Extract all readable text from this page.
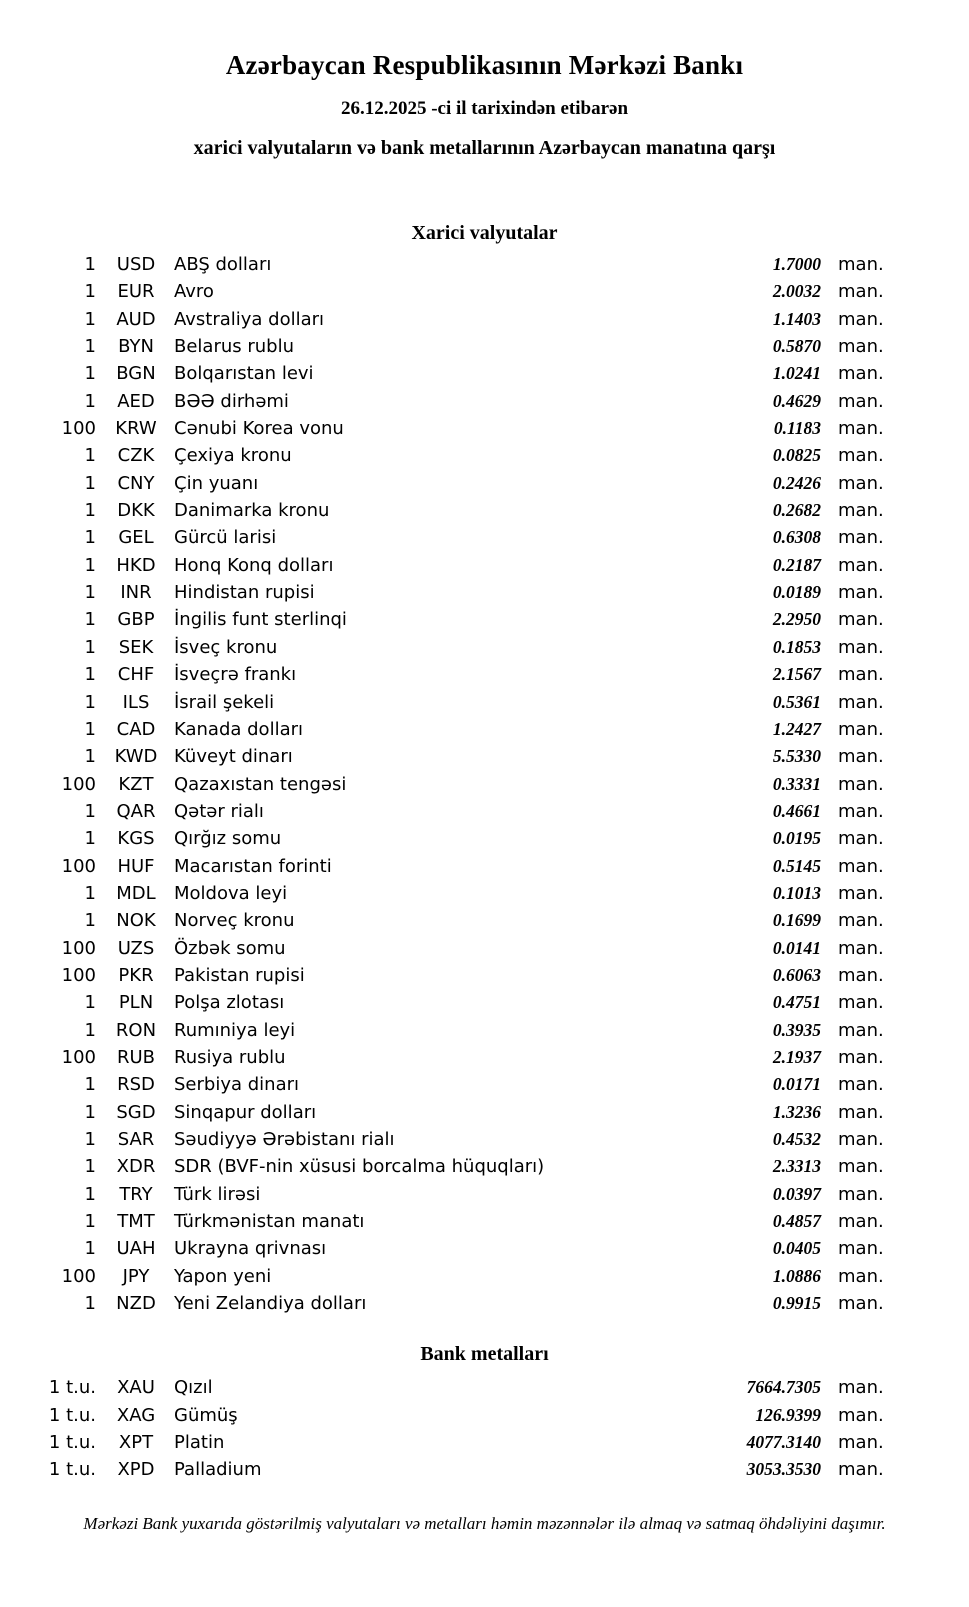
Azərbaycan Respublikasının Mərkəzi Bankı
26.12.2025 -ci il tarixindən etibarən
xarici valyutaların və bank metallarının Azərbaycan manatına qarşı
Xarici valyutalar
1	USD	ABŞ dolları	1.7000 man.
1	EUR	Avro	2.0032 man.
1	AUD	Avstraliya dolları	1.1403 man.
1	BYN	Belarus rublu	0.5870 man.
1	BGN	Bolqarıstan levi	1.0241 man.
1	AED	BƏƏ dirhəmi	0.4629 man.
100	KRW Cənubi Korea vonu	0.1183 man.
1	CZK	Çexiya kronu	0.0825 man.
1	CNY	Çin yuanı	0.2426 man.
1	DKK	Danimarka kronu	0.2682 man.
1	GEL	Gürcü larisi	0.6308 man.
1	HKD	Honq Konq dolları	0.2187 man.
1	INR	Hindistan rupisi	0.0189 man.
1	GBP	İngilis funt sterlinqi	2.2950 man.
1	SEK	İsveç kronu	0.1853 man.
1	CHF	İsveçrə frankı	2.1567 man.
1	ILS	İsrail şekeli	0.5361 man.
1	CAD	Kanada dolları	1.2427 man.
1	KWD Küveyt dinarı	5.5330 man.
100	KZT	Qazaxıstan tengəsi	0.3331 man.
1	QAR	Qətər rialı	0.4661 man.
1	KGS	Qırğız somu	0.0195 man.
100	HUF	Macarıstan forinti	0.5145 man.
1	MDL	Moldova leyi	0.1013 man.
1	NOK	Norveç kronu	0.1699 man.
100	UZS	Özbək somu	0.0141 man.
100	PKR	Pakistan rupisi	0.6063 man.
1	PLN	Polşa zlotası	0.4751 man.
1	RON Rumıniya leyi	0.3935 man.
100	RUB	Rusiya rublu	2.1937 man.
1	RSD	Serbiya dinarı	0.0171 man.
1	SGD	Sinqapur dolları	1.3236 man.
1	SAR	Səudiyyə Ərəbistanı rialı	0.4532 man.
1	XDR	SDR (BVF-nin xüsusi borcalma hüquqları)	2.3313 man.
1	TRY	Türk lirəsi	0.0397 man.
1	TMT	Türkmənistan manatı	0.4857 man.
1	UAH	Ukrayna qrivnası	0.0405 man.
100	JPY	Yapon yeni	1.0886 man.
1	NZD	Yeni Zelandiya dolları	0.9915 man.
Bank metalları
1 t.u.	XAU	Qızıl	7664.7305 man.
1 t.u.	XAG	Gümüş	126.9399 man.
1 t.u.	XPT	Platin	4077.3140 man.
1 t.u.	XPD	Palladium	3053.3530 man.
Mərkəzi Bank yuxarıda göstərilmiş valyutaları və metalları həmin məzənnələr ilə almaq və satmaq öhdəliyini daşımır.
